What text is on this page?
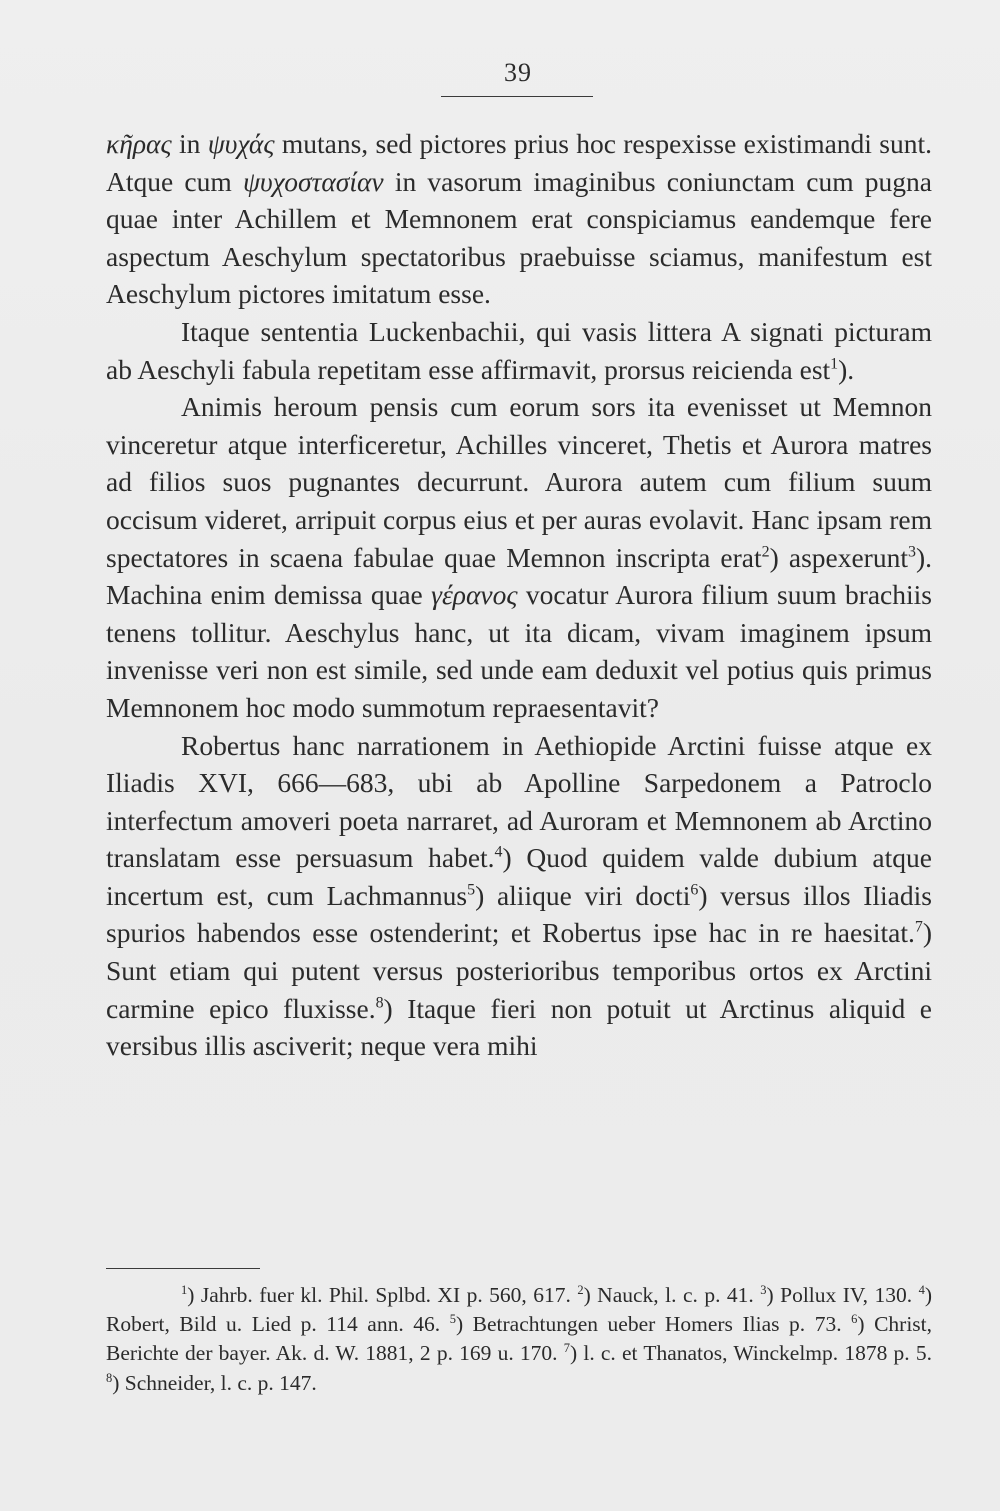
39

κῆρας in ψυχάς mutans, sed pictores prius hoc respexisse existimandi sunt. Atque cum ψυχοστασίαν in vasorum imaginibus coniunctam cum pugna quae inter Achillem et Memnonem erat conspiciamus eandemque fere aspectum Aeschylum spectatoribus praebuisse sciamus, manifestum est Aeschylum pictores imitatum esse.

Itaque sententia Luckenbachii, qui vasis littera A signati picturam ab Aeschyli fabula repetitam esse affirmavit, prorsus reicienda est$^1$).

Animis heroum pensis cum eorum sors ita evenisset ut Memnon vinceretur atque interficeretur, Achilles vinceret, Thetis et Aurora matres ad filios suos pugnantes decurrunt. Aurora autem cum filium suum occisum videret, arripuit corpus eius et per auras evolavit. Hanc ipsam rem spectatores in scaena fabulae quae Memnon inscripta erat$^2$) aspexerunt$^3$). Machina enim demissa quae γέρανος vocatur Aurora filium suum brachiis tenens tollitur. Aeschylus hanc, ut ita dicam, vivam imaginem ipsum invenisse veri non est simile, sed unde eam deduxit vel potius quis primus Memnonem hoc modo summotum repraesentavit?

Robertus hanc narrationem in Aethiopide Arctini fuisse atque ex Iliadis XVI, 666—683, ubi ab Apolline Sarpedonem a Patroclo interfectum amoveri poeta narraret, ad Auroram et Memnonem ab Arctino translatam esse persuasum habet.$^4$) Quod quidem valde dubium atque incertum est, cum Lachmannus$^5$) aliique viri docti$^6$) versus illos Iliadis spurios habendos esse ostenderint; et Robertus ipse hac in re haesitat.$^7$) Sunt etiam qui putent versus posterioribus temporibus ortos ex Arctini carmine epico fluxisse.$^8$) Itaque fieri non potuit ut Arctinus aliquid e versibus illis asciverit; neque vera mihi

$^1$) Jahrb. fuer kl. Phil. Splbd. XI p. 560, 617. $^2$) Nauck, l. c. p. 41. $^3$) Pollux IV, 130. $^4$) Robert, Bild u. Lied p. 114 ann. 46. $^5$) Betrachtungen ueber Homers Ilias p. 73. $^6$) Christ, Berichte der bayer. Ak. d. W. 1881, 2 p. 169 u. 170. $^7$) l. c. et Thanatos, Winckelmp. 1878 p. 5. $^8$) Schneider, l. c. p. 147.
